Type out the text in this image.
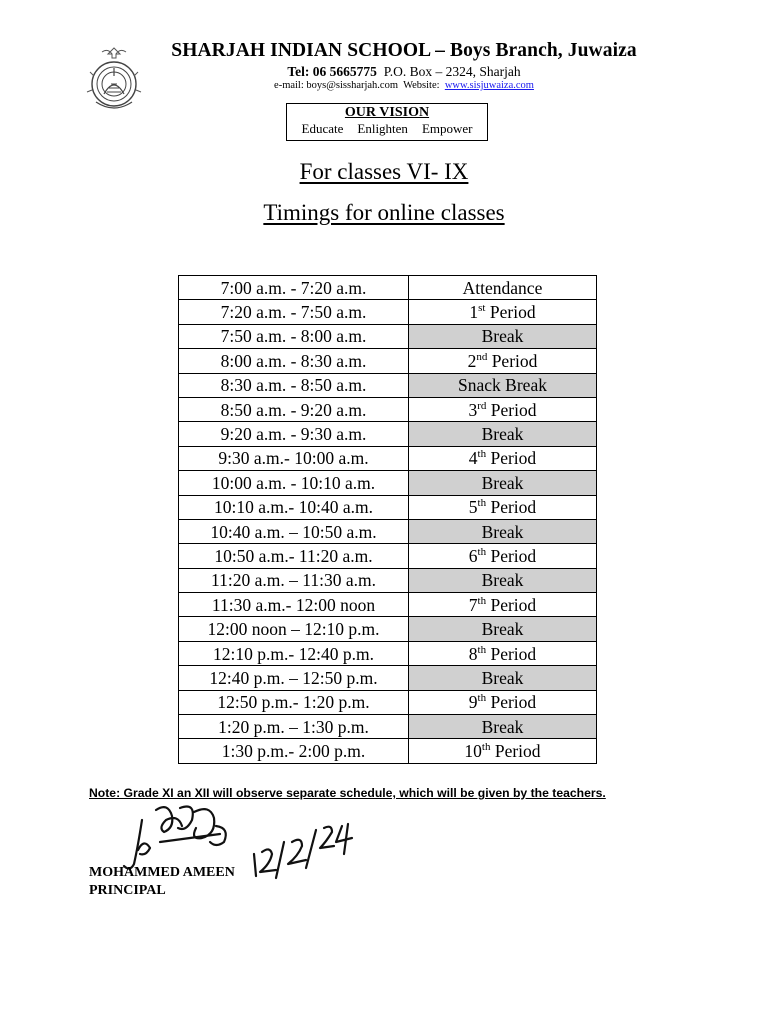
SHARJAH INDIAN SCHOOL – Boys Branch, Juwaiza
Tel: 06 5665775 P.O. Box – 2324, Sharjah
e-mail: boys@sissharjah.com Website: www.sisjuwaiza.com
OUR VISION
Educate Enlighten Empower
For classes VI- IX
Timings for online classes
7:00 a.m. - 7:20 a.m.	Attendance
7:20 a.m. - 7:50 a.m.	1st Period
7:50 a.m. - 8:00 a.m.	Break
8:00 a.m. - 8:30 a.m.	2nd Period
8:30 a.m. - 8:50 a.m.	Snack Break
8:50 a.m. - 9:20 a.m.	3rd Period
9:20 a.m. - 9:30 a.m.	Break
9:30 a.m.- 10:00 a.m.	4th Period
10:00 a.m. - 10:10 a.m.	Break
10:10 a.m.- 10:40 a.m.	5th Period
10:40 a.m. – 10:50 a.m.	Break
10:50 a.m.- 11:20 a.m.	6th Period
11:20 a.m. – 11:30 a.m.	Break
11:30 a.m.- 12:00 noon	7th Period
12:00 noon – 12:10 p.m.	Break
12:10 p.m.- 12:40 p.m.	8th Period
12:40 p.m. – 12:50 p.m.	Break
12:50 p.m.- 1:20 p.m.	9th Period
1:20 p.m. – 1:30 p.m.	Break
1:30 p.m.- 2:00 p.m.	10th Period
Note: Grade XI an XII will observe separate schedule, which will be given by the teachers.
MOHAMMED AMEEN
PRINCIPAL
